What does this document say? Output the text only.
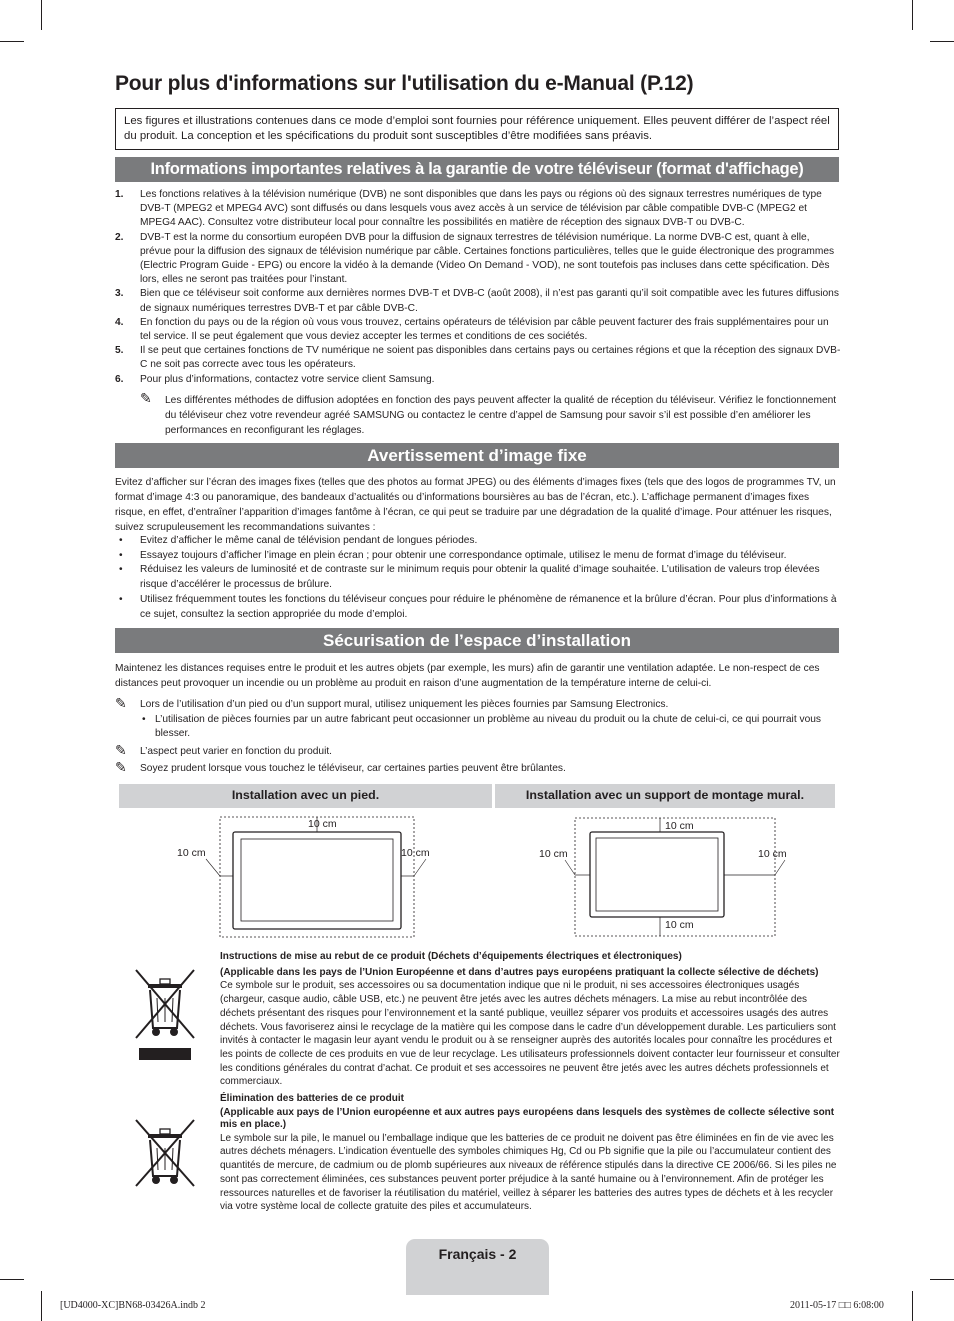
Pour plus d'informations sur l'utilisation du e-Manual (P.12)
Les figures et illustrations contenues dans ce mode d’emploi sont fournies pour référence uniquement. Elles peuvent différer de l’aspect réel du produit. La conception et les spécifications du produit sont susceptibles d’être modifiées sans préavis.
Informations importantes relatives à la garantie de votre téléviseur (format d'affichage)
1. Les fonctions relatives à la télévision numérique (DVB) ne sont disponibles que dans les pays ou régions où des signaux terrestres numériques de type DVB-T (MPEG2 et MPEG4 AVC) sont diffusés ou dans lesquels vous avez accès à un service de télévision par câble compatible DVB-C (MPEG2 et MPEG4 AAC). Consultez votre distributeur local pour connaître les possibilités en matière de réception des signaux DVB-T ou DVB-C.
2. DVB-T est la norme du consortium européen DVB pour la diffusion de signaux terrestres de télévision numérique. La norme DVB-C est, quant à elle, prévue pour la diffusion des signaux de télévision numérique par câble. Certaines fonctions particulières, telles que le guide électronique des programmes (Electric Program Guide - EPG) ou encore la vidéo à la demande (Video On Demand - VOD), ne sont toutefois pas incluses dans cette spécification. Dès lors, elles ne seront pas traitées pour l’instant.
3. Bien que ce téléviseur soit conforme aux dernières normes DVB-T et DVB-C (août 2008), il n’est pas garanti qu’il soit compatible avec les futures diffusions de signaux numériques terrestres DVB-T et par câble DVB-C.
4. En fonction du pays ou de la région où vous vous trouvez, certains opérateurs de télévision par câble peuvent facturer des frais supplémentaires pour un tel service. Il se peut également que vous deviez accepter les termes et conditions de ces sociétés.
5. Il se peut que certaines fonctions de TV numérique ne soient pas disponibles dans certains pays ou certaines régions et que la réception des signaux DVB-C ne soit pas correcte avec tous les opérateurs.
6. Pour plus d’informations, contactez votre service client Samsung.
✎ Les différentes méthodes de diffusion adoptées en fonction des pays peuvent affecter la qualité de réception du téléviseur. Vérifiez le fonctionnement du téléviseur chez votre revendeur agréé SAMSUNG ou contactez le centre d’appel de Samsung pour savoir s’il est possible d’en améliorer les performances en reconfigurant les réglages.
Avertissement d’image fixe
Evitez d’afficher sur l’écran des images fixes (telles que des photos au format JPEG) ou des éléments d’images fixes (tels que des logos de programmes TV, un format d’image 4:3 ou panoramique, des bandeaux d’actualités ou d’informations boursières au bas de l’écran, etc.). L’affichage permanent d’images fixes risque, en effet, d’entraîner l’apparition d’images fantôme à l’écran, ce qui peut se traduire par une dégradation de la qualité d’image. Pour atténuer les risques, suivez scrupuleusement les recommandations suivantes :
• Evitez d’afficher le même canal de télévision pendant de longues périodes.
• Essayez toujours d’afficher l’image en plein écran ; pour obtenir une correspondance optimale, utilisez le menu de format d’image du téléviseur.
• Réduisez les valeurs de luminosité et de contraste sur le minimum requis pour obtenir la qualité d’image souhaitée. L’utilisation de valeurs trop élevées risque d’accélérer le processus de brûlure.
• Utilisez fréquemment toutes les fonctions du téléviseur conçues pour réduire le phénomène de rémanence et la brûlure d’écran. Pour plus d’informations à ce sujet, consultez la section appropriée du mode d’emploi.
Sécurisation de l’espace d’installation
Maintenez les distances requises entre le produit et les autres objets (par exemple, les murs) afin de garantir une ventilation adaptée. Le non-respect de ces distances peut provoquer un incendie ou un problème au produit en raison d’une augmentation de la température interne de celui-ci.
✎ Lors de l’utilisation d’un pied ou d’un support mural, utilisez uniquement les pièces fournies par Samsung Electronics.
• L’utilisation de pièces fournies par un autre fabricant peut occasionner un problème au niveau du produit ou la chute de celui-ci, ce qui pourrait vous blesser.
✎ L’aspect peut varier en fonction du produit.
✎ Soyez prudent lorsque vous touchez le téléviseur, car certaines parties peuvent être brûlantes.
Installation avec un pied.	Installation avec un support de montage mural.
10 cm
10 cm	10 cm
10 cm
10 cm	10 cm
10 cm
Instructions de mise au rebut de ce produit (Déchets d’équipements électriques et électroniques)
(Applicable dans les pays de l’Union Européenne et dans d’autres pays européens pratiquant la collecte sélective de déchets)
Ce symbole sur le produit, ses accessoires ou sa documentation indique que ni le produit, ni ses accessoires électroniques usagés (chargeur, casque audio, câble USB, etc.) ne peuvent être jetés avec les autres déchets ménagers. La mise au rebut incontrôlée des déchets présentant des risques pour l’environnement et la santé publique, veuillez séparer vos produits et accessoires usagés des autres déchets. Vous favoriserez ainsi le recyclage de la matière qui les compose dans le cadre d’un développement durable. Les particuliers sont invités à contacter le magasin leur ayant vendu le produit ou à se renseigner auprès des autorités locales pour connaître les procédures et les points de collecte de ces produits en vue de leur recyclage. Les utilisateurs professionnels doivent contacter leur fournisseur et consulter les conditions générales du contrat d’achat. Ce produit et ses accessoires ne peuvent être jetés avec les autres déchets professionnels et commerciaux.
Élimination des batteries de ce produit
(Applicable aux pays de l’Union européenne et aux autres pays européens dans lesquels des systèmes de collecte sélective sont mis en place.)
Le symbole sur la pile, le manuel ou l’emballage indique que les batteries de ce produit ne doivent pas être éliminées en fin de vie avec les autres déchets ménagers. L’indication éventuelle des symboles chimiques Hg, Cd ou Pb signifie que la pile ou l’accumulateur contient des quantités de mercure, de cadmium ou de plomb supérieures aux niveaux de référence stipulés dans la directive CE 2006/66. Si les piles ne sont pas correctement éliminées, ces substances peuvent porter préjudice à la santé humaine ou à l’environnement. Afin de protéger les ressources naturelles et de favoriser la réutilisation du matériel, veillez à séparer les batteries des autres types de déchets et à les recycler via votre système local de collecte gratuite des piles et accumulateurs.
Français - 2
[UD4000-XC]BN68-03426A.indb 2	2011-05-17 □□ 6:08:00
